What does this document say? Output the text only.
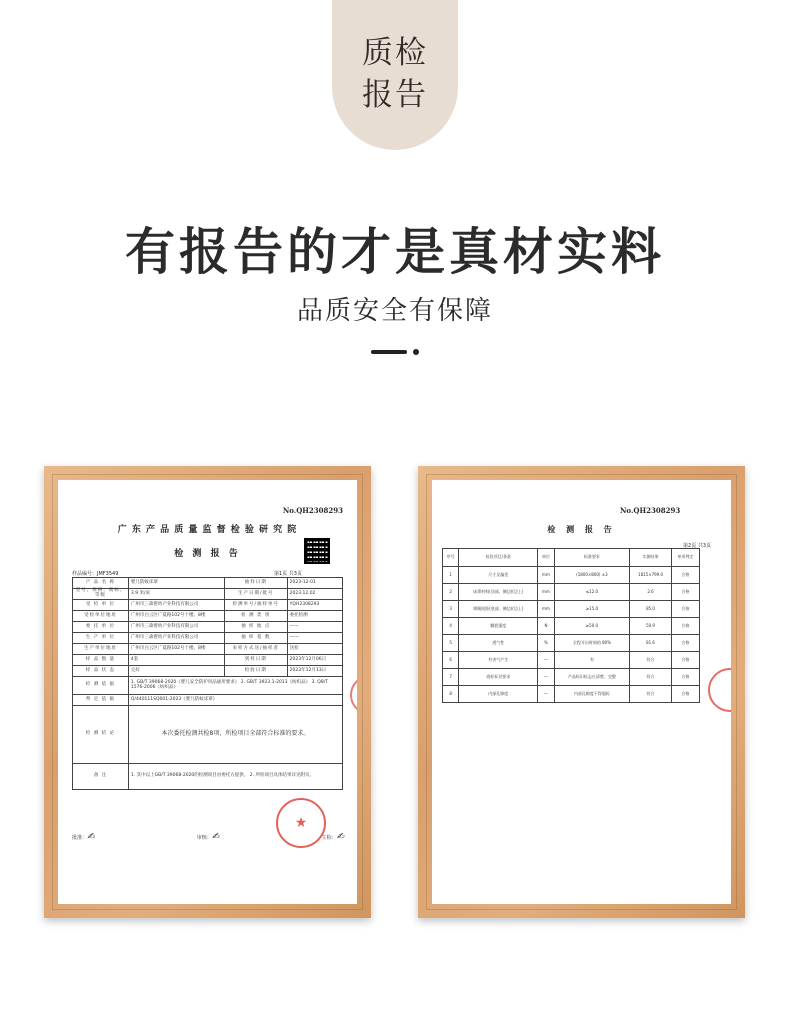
质检
报告
有报告的才是真材实料
品质安全有保障
No.QH2308293
广 东 产 品 质 量 监 督 检 验 研 究 院
检 测 报 告
样品编号：JMF3549	第1页 共3页
产 品 名 称	婴儿防蚊床罩	抽样日期	2023-12-01
型号、规格、商标、等级	3.9 米/床	生产日期/批号	2023.12.02
受 检 单 位	广州市三森婴幼产业科技有限公司	检测单号/抽样单号	YQH2308293
受检单位地址	广州市白云区广夏路102号十楼、8楼	检 测 类 别	委托检测
委 托 单 位	广州市三森婴幼产业科技有限公司	抽 样 地 点	——
生 产 单 位	广州市三森婴幼产业科技有限公司	抽 样 基 数	——
生产单位地址	广州市白云区广夏路102号十楼、8楼	来样方式送/抽样者	送检
样 品 数 量	4套	到样日期	2023年12月06日
样 品 状 态	完好	检验日期	2023年12月13日
检 测 依 据	1. GB/T 39068-2020《婴儿安全防护用品通用要求》 2. GB/T 3923.1-2013《纺织品》 3. QB/T 1576-2006《纺织品》		
判 定 依 据	Q/440111SQ001-2023《婴儿防蚊床罩》		
检 测 结 论	本次委托检测共检8项，所检项目全部符合标准的要求。		
备 注	1. 其中以上GB/T 39068-2020的检测项目由委托方提供。 2. 所检项目具体结果详见附页。		
批准：✍︎	审核：✍︎	主检：✍︎
★
No.QH2308293
检 测 报 告
第2页 共3页
序号	检验项目/条款	单位	标准要求	实测结果	单项判定
1	尺寸及偏差	mm	(1800×800) ±3	1815×799.0	合格
2	床罩材料(顶部、侧边)(边上)	mm	≤12.0	2.6	合格
3	绑绳间距(底部、侧边)(边上)	mm	≥15.0	85.0	合格
4	撕裂强度	N	≥50.0	50.9	合格
5	透气性	%	全程开启时间的 80%	81.6	合格
6	有害气产生	—	有	符合	合格
7	商标标识要求	—	产品标识标志应清楚、完整	符合	合格
8	内部孔隙度	—	内部孔隙度不得超标	符合	合格
